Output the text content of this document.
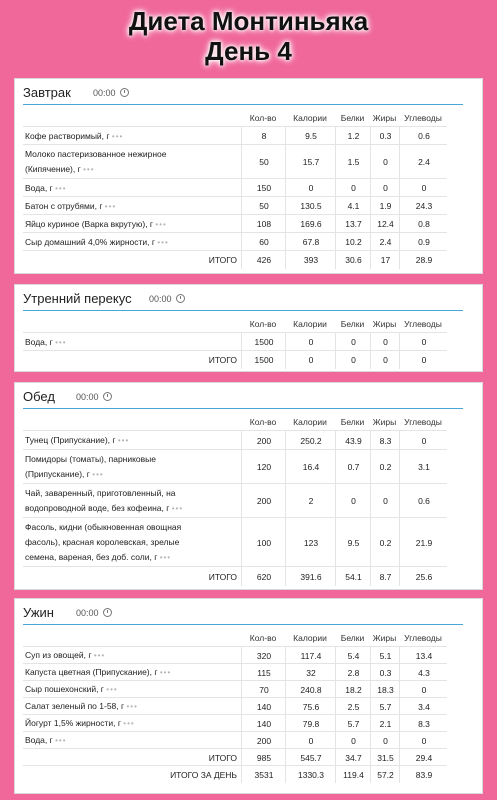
Диета Монтиньяка
День 4
Завтрак 00:00
Кол-во	Калории	Белки	Жиры Углеводы
Кофе растворимый, г •••	8	9.5	1.2	0.3	0.6
Молоко пастеризованное нежирное
(Кипячение), г •••
50	15.7	1.5	0	2.4
Вода, г •••	150	0	0	0	0
Батон с отрубями, г •••	50	130.5	4.1	1.9	24.3
Яйцо куриное (Варка вкрутую), г •••	108	169.6	13.7	12.4	0.8
Сыр домашний 4,0% жирности, г •••	60	67.8	10.2	2.4	0.9
ИТОГО	426	393	30.6	17	28.9
Утренний перекус 00:00
Кол-во	Калории	Белки	Жиры Углеводы
Вода, г •••	1500	0	0	0	0
ИТОГО	1500	0	0	0	0
Обед 00:00
Кол-во	Калории	Белки	Жиры Углеводы
Тунец (Припускание), г •••	200	250.2	43.9	8.3	0
Помидоры (томаты), парниковые
(Припускание), г •••
120	16.4	0.7	0.2	3.1
Чай, заваренный, приготовленный, на
водопроводной воде, без кофеина, г •••
200	2	0	0	0.6
Фасоль, кидни (обыкновенная овощная
фасоль), красная королевская, зрелые
семена, вареная, без доб. соли, г •••
100	123	9.5	0.2	21.9
ИТОГО	620	391.6	54.1	8.7	25.6
Ужин 00:00
Кол-во	Калории	Белки	Жиры Углеводы
Суп из овощей, г •••	320	117.4	5.4	5.1	13.4
Капуста цветная (Припускание), г •••	115	32	2.8	0.3	4.3
Сыр пошехонский, г •••	70	240.8	18.2	18.3	0
Салат зеленый по 1-58, г •••	140	75.6	2.5	5.7	3.4
Йогурт 1,5% жирности, г •••	140	79.8	5.7	2.1	8.3
Вода, г •••	200	0	0	0	0
ИТОГО	985	545.7	34.7	31.5	29.4
ИТОГО ЗА ДЕНЬ	3531	1330.3	119.4	57.2	83.9
